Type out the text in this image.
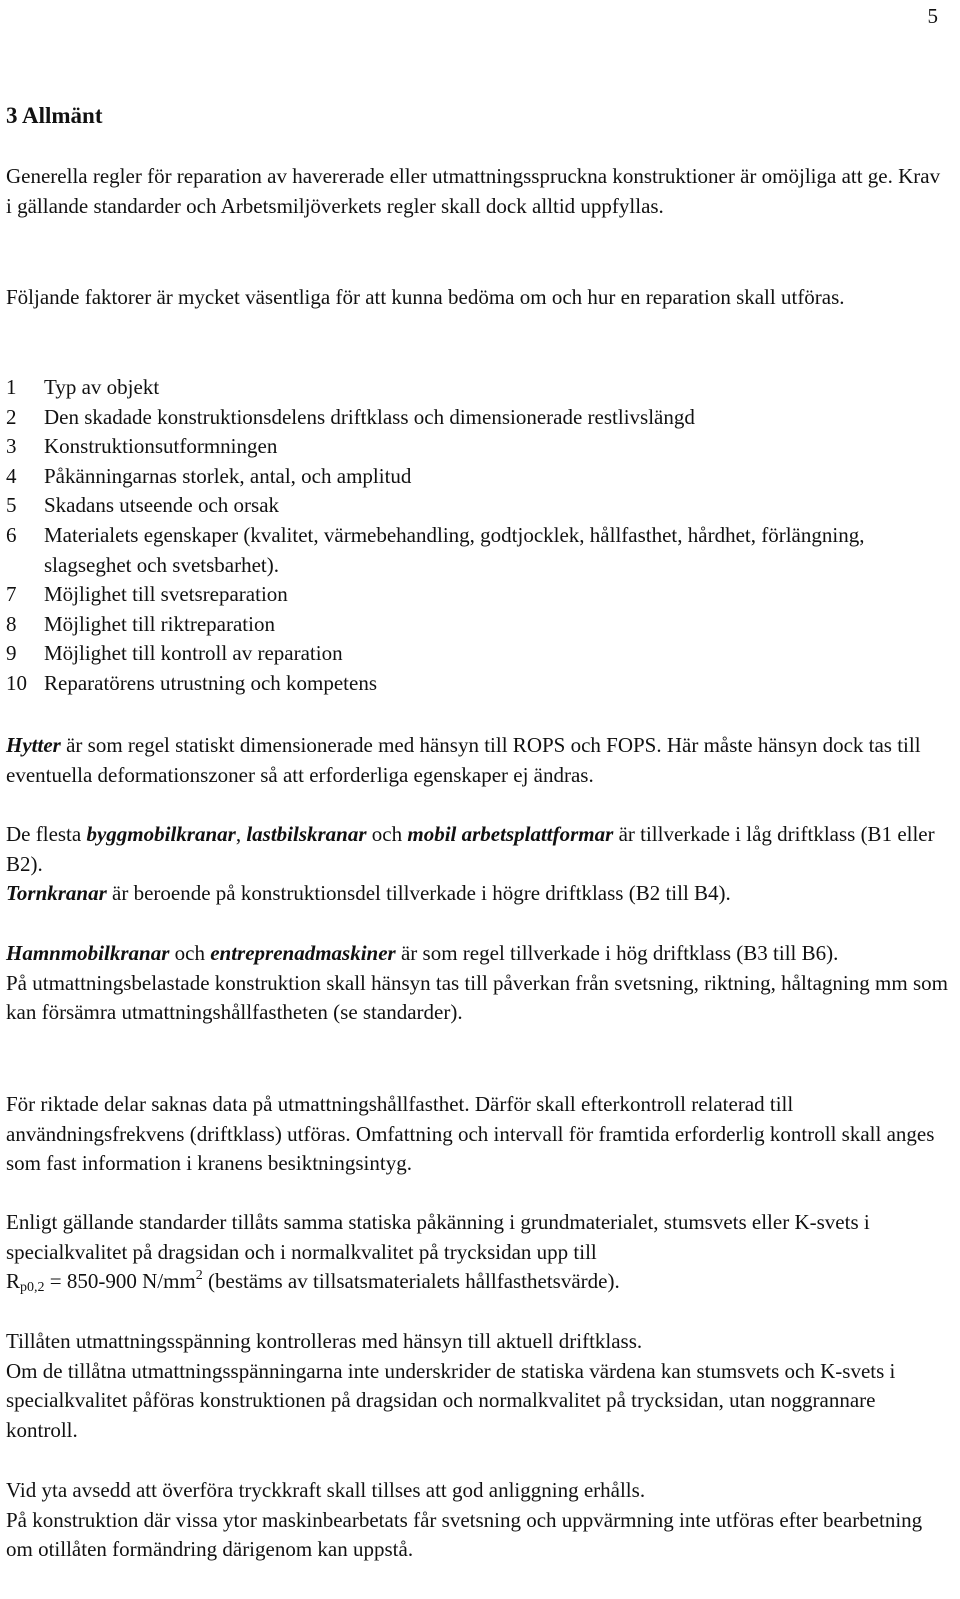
5
3 Allmänt

Generella regler för reparation av havererade eller utmattningsspruckna konstruktioner är omöjliga att ge. Krav i gällande standarder och Arbetsmiljöverkets regler skall dock alltid uppfyllas.

Följande faktorer är mycket väsentliga för att kunna bedöma om och hur en reparation skall utföras.

1	Typ av objekt
2	Den skadade konstruktionsdelens driftklass och dimensionerade restlivslängd
3	Konstruktionsutformningen
4	Påkänningarnas storlek, antal, och amplitud
5	Skadans utseende och orsak
6	Materialets egenskaper (kvalitet, värmebehandling, godtjocklek, hållfasthet, hårdhet, förlängning, slagseghet och svetsbarhet).
7	Möjlighet till svetsreparation
8	Möjlighet till riktreparation
9	Möjlighet till kontroll av reparation
10 Reparatörens utrustning och kompetens

Hytter är som regel statiskt dimensionerade med hänsyn till ROPS och FOPS. Här måste hänsyn dock tas till eventuella deformationszoner så att erforderliga egenskaper ej ändras.

De flesta byggmobilkranar, lastbilskranar och mobil arbetsplattformar är tillverkade i låg driftklass (B1 eller B2).
Tornkranar är beroende på konstruktionsdel tillverkade i högre driftklass (B2 till B4).

Hamnmobilkranar och entreprenadmaskiner är som regel tillverkade i hög driftklass (B3 till B6).
På utmattningsbelastade konstruktion skall hänsyn tas till påverkan från svetsning, riktning, håltagning mm som kan försämra utmattningshållfastheten (se standarder).

För riktade delar saknas data på utmattningshållfasthet. Därför skall efterkontroll relaterad till användningsfrekvens (driftklass) utföras. Omfattning och intervall för framtida erforderlig kontroll skall anges som fast information i kranens besiktningsintyg.

Enligt gällande standarder tillåts samma statiska påkänning i grundmaterialet, stumsvets eller K-svets i specialkvalitet på dragsidan och i normalkvalitet på trycksidan upp till
$R_{p0,2} = 850-900$ $N/mm^2$ (bestäms av tillsatsmaterialets hållfasthetsvärde).

Tillåten utmattningsspänning kontrolleras med hänsyn till aktuell driftklass.
Om de tillåtna utmattningsspänningarna inte underskrider de statiska värdena kan stumsvets och K-svets i specialkvalitet påföras konstruktionen på dragsidan och normalkvalitet på trycksidan, utan noggrannare kontroll.

Vid yta avsedd att överföra tryckkraft skall tillses att god anliggning erhålls.
På konstruktion där vissa ytor maskinbearbetats får svetsning och uppvärmning inte utföras efter bearbetning om otillåten formändring därigenom kan uppstå.
